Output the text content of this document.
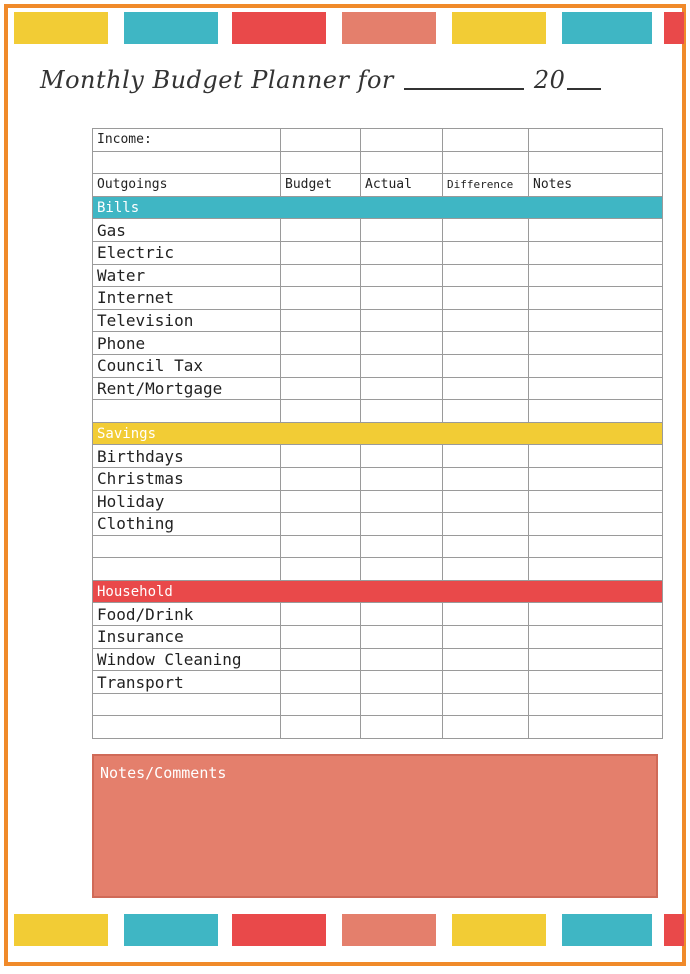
Monthly Budget Planner for	20
Income:				

Outgoings	Budget	Actual	Difference	Notes
Bills				
Gas				
Electric				
Water				
Internet				
Television				
Phone				
Council Tax				
Rent/Mortgage				

Savings				
Birthdays				
Christmas				
Holiday				
Clothing				

Household				
Food/Drink				
Insurance				
Window Cleaning				
Transport				

Notes/Comments
